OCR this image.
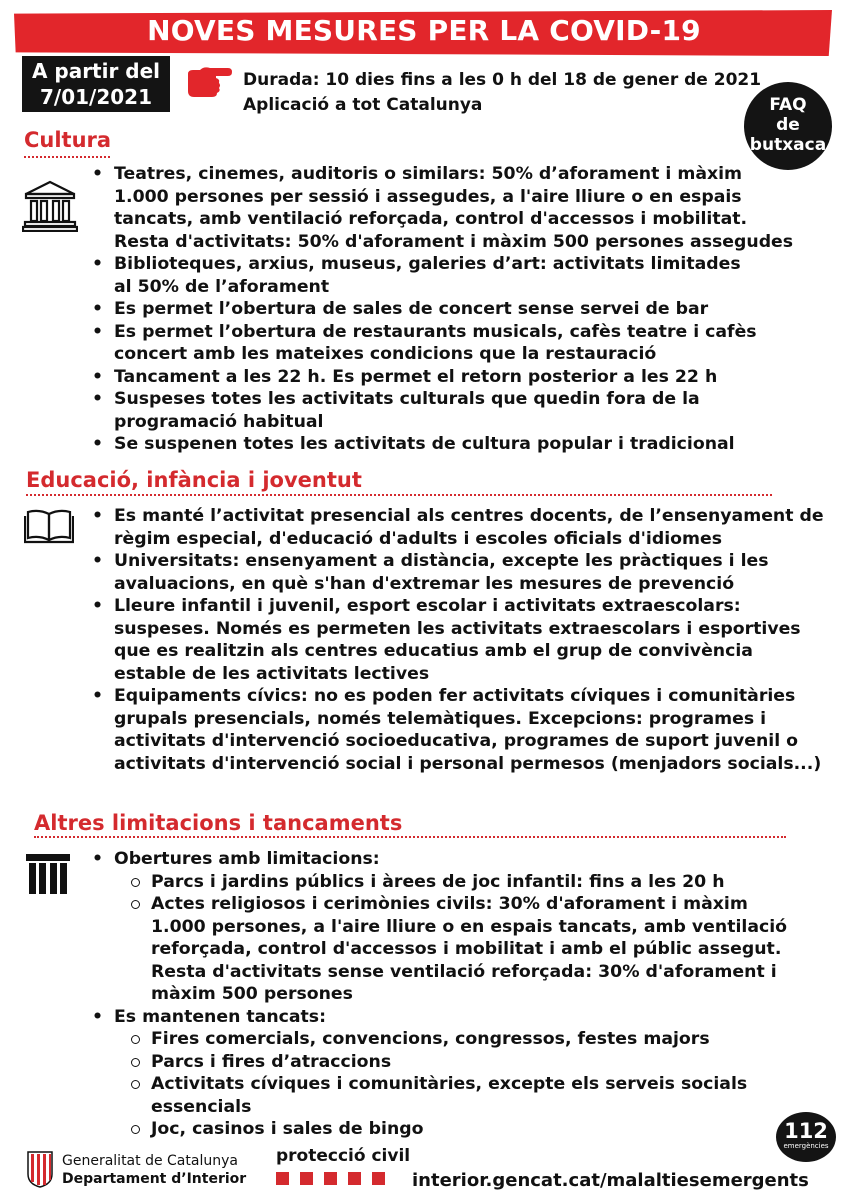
NOVES MESURES PER LA COVID-19
A partir del
7/01/2021
Durada: 10 dies fins a les 0 h del 18 de gener de 2021
Aplicació a tot Catalunya	FAQ
de
butxaca
Cultura
• Teatres, cinemes, auditoris o similars: 50% d’aforament i màxim
1.000 persones per sessió i assegudes, a l'aire lliure o en espais
tancats, amb ventilació reforçada, control d'accessos i mobilitat.
Resta d'activitats: 50% d'aforament i màxim 500 persones assegudes
• Biblioteques, arxius, museus, galeries d’art: activitats limitades
al 50% de l’aforament
• Es permet l’obertura de sales de concert sense servei de bar
• Es permet l’obertura de restaurants musicals, cafès teatre i cafès
concert amb les mateixes condicions que la restauració
• Tancament a les 22 h. Es permet el retorn posterior a les 22 h
• Suspeses totes les activitats culturals que quedin fora de la
programació habitual
• Se suspenen totes les activitats de cultura popular i tradicional
Educació, infància i joventut
• Es manté l’activitat presencial als centres docents, de l’ensenyament de
règim especial, d'educació d'adults i escoles oficials d'idiomes
• Universitats: ensenyament a distància, excepte les pràctiques i les
avaluacions, en què s'han d'extremar les mesures de prevenció
• Lleure infantil i juvenil, esport escolar i activitats extraescolars:
suspeses. Només es permeten les activitats extraescolars i esportives
que es realitzin als centres educatius amb el grup de convivència
estable de les activitats lectives
• Equipaments cívics: no es poden fer activitats cíviques i comunitàries
grupals presencials, només telemàtiques. Excepcions: programes i
activitats d'intervenció socioeducativa, programes de suport juvenil o
activitats d'intervenció social i personal permesos (menjadors socials...)
Altres limitacions i tancaments
• Obertures amb limitacions:
Parcs i jardins públics i àrees de joc infantil: fins a les 20 h
Actes religiosos i cerimònies civils: 30% d'aforament i màxim
1.000 persones, a l'aire lliure o en espais tancats, amb ventilació
reforçada, control d'accessos i mobilitat i amb el públic assegut.
Resta d'activitats sense ventilació reforçada: 30% d'aforament i
màxim 500 persones
• Es mantenen tancats:
Fires comercials, convencions, congressos, festes majors
Parcs i fires d’atraccions
Activitats cíviques i comunitàries, excepte els serveis socials
essencials
Joc, casinos i sales de bingo
Generalitat de Catalunya
Departament d’Interior
protecció civil
interior.gencat.cat/malaltiesemergents
112
emergències
